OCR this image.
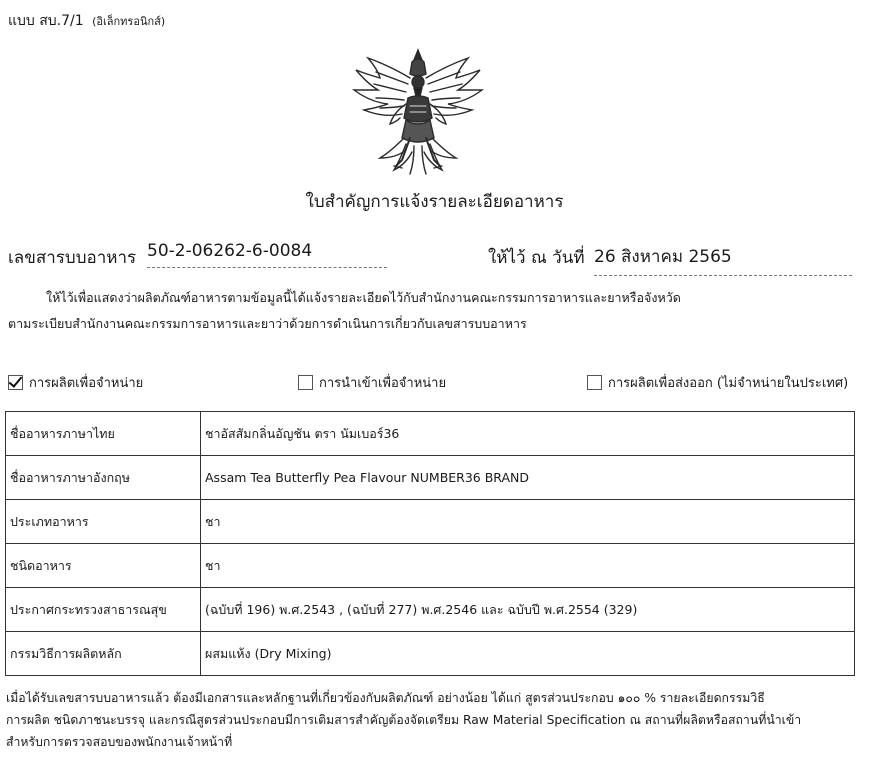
แบบ สบ.7/1 (อิเล็กทรอนิกส์)
ใบสำคัญการแจ้งรายละเอียดอาหาร
เลขสารบบอาหาร 50-2-06262-6-0084	ให้ไว้ ณ วันที่ 26 สิงหาคม 2565
ให้ไว้เพื่อแสดงว่าผลิตภัณฑ์อาหารตามข้อมูลนี้ได้แจ้งรายละเอียดไว้กับสำนักงานคณะกรรมการอาหารและยาหรือจังหวัด
ตามระเบียบสำนักงานคณะกรรมการอาหารและยาว่าด้วยการดำเนินการเกี่ยวกับเลขสารบบอาหาร
การผลิตเพื่อจำหน่าย	การนำเข้าเพื่อจำหน่าย	การผลิตเพื่อส่งออก (ไม่จำหน่ายในประเทศ)
ชื่ออาหารภาษาไทย	ชาอัสสัมกลิ่นอัญชัน ตรา นัมเบอร์36
ชื่ออาหารภาษาอังกฤษ	Assam Tea Butterfly Pea Flavour NUMBER36 BRAND
ประเภทอาหาร	ชา
ชนิดอาหาร	ชา
ประกาศกระทรวงสาธารณสุข	(ฉบับที่ 196) พ.ศ.2543 , (ฉบับที่ 277) พ.ศ.2546 และ ฉบับปี พ.ศ.2554 (329)
กรรมวิธีการผลิตหลัก	ผสมแห้ง (Dry Mixing)
เมื่อได้รับเลขสารบบอาหารแล้ว ต้องมีเอกสารและหลักฐานที่เกี่ยวข้องกับผลิตภัณฑ์ อย่างน้อย ได้แก่ สูตรส่วนประกอบ ๑๐๐ % รายละเอียดกรรมวิธี
การผลิต ชนิดภาชนะบรรจุ และกรณีสูตรส่วนประกอบมีการเติมสารสำคัญต้องจัดเตรียม Raw Material Specification ณ สถานที่ผลิตหรือสถานที่นำเข้า
สำหรับการตรวจสอบของพนักงานเจ้าหน้าที่
